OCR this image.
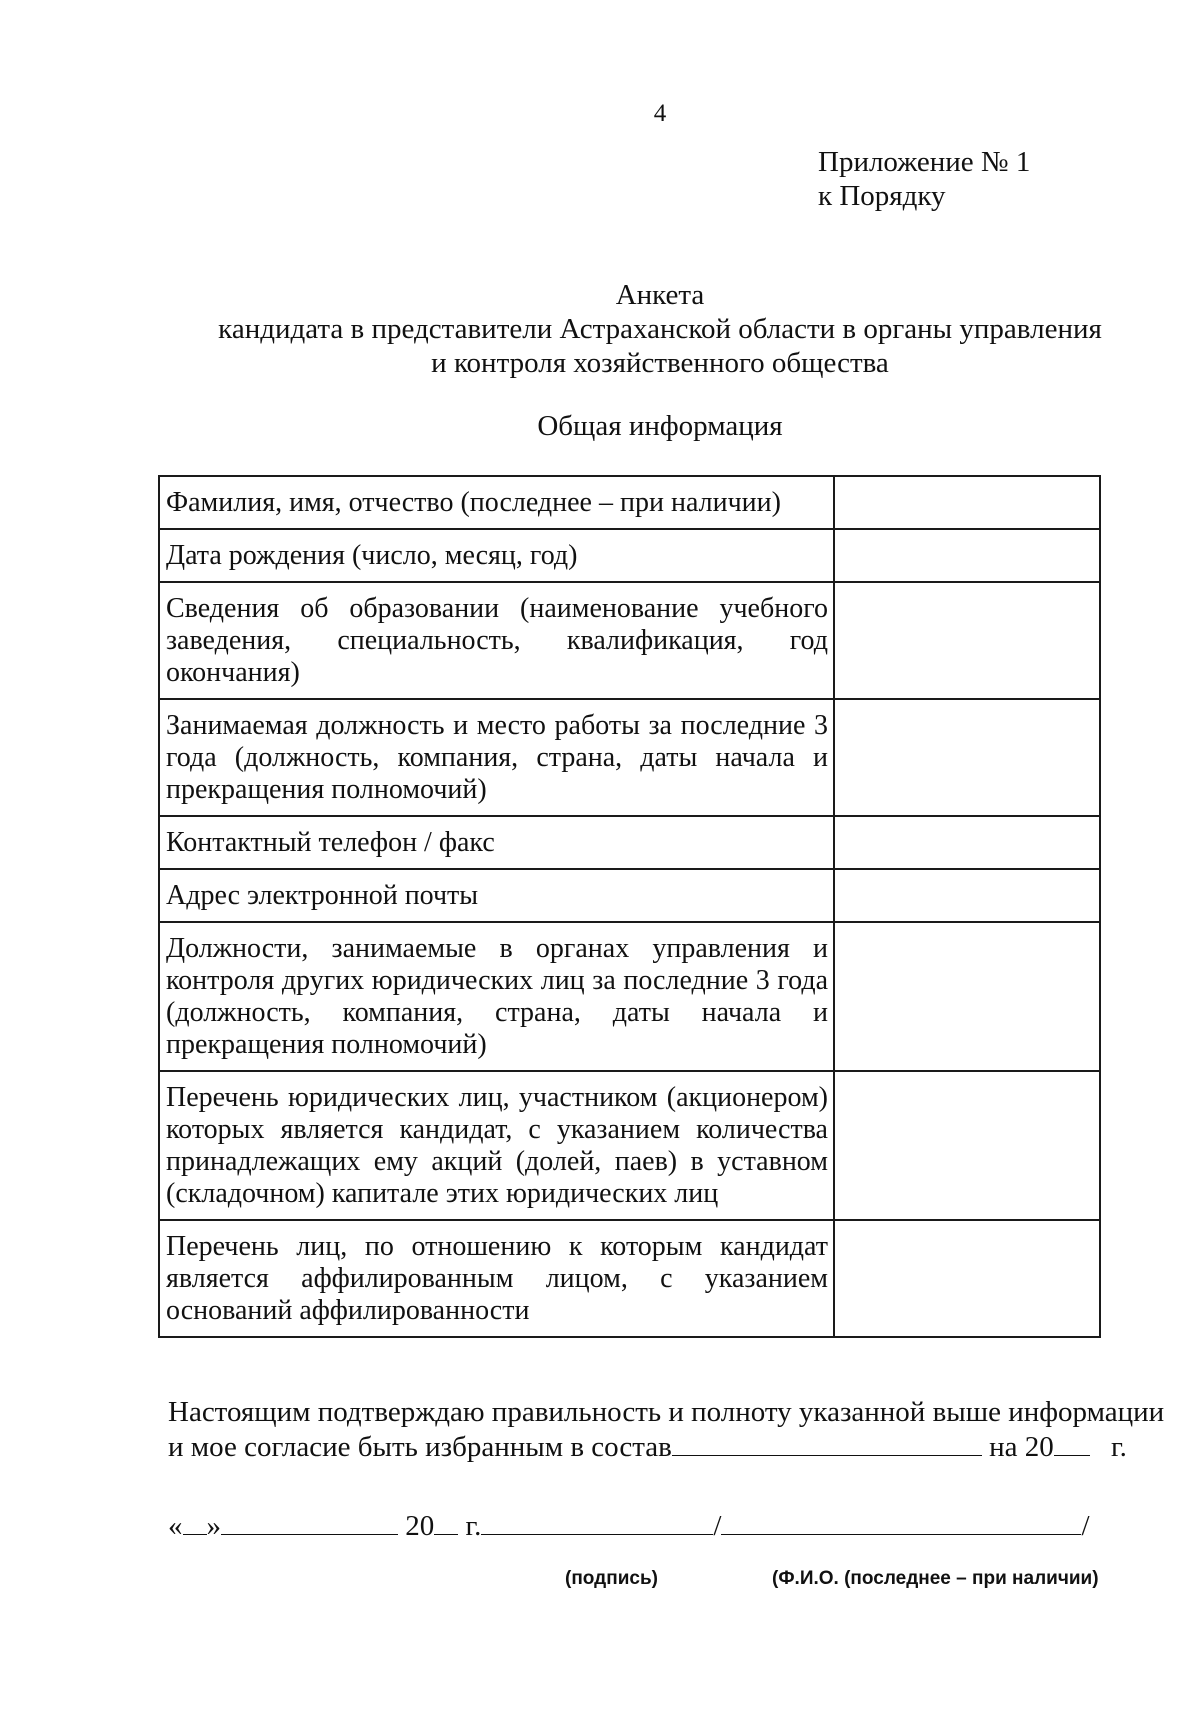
4
Приложение № 1
к Порядку
Анкета
кандидата в представители Астраханской области в органы управления
и контроля хозяйственного общества
Общая информация
Фамилия, имя, отчество (последнее – при наличии)	
Дата рождения (число, месяц, год)	
Сведения об образовании (наименование учебного заведения, специальность, квалификация, год окончания)	
Занимаемая должность и место работы за последние 3 года (должность, компания, страна, даты начала и прекращения полномочий)	
Контактный телефон / факс	
Адрес электронной почты	
Должности, занимаемые в органах управления и контроля других юридических лиц за последние 3 года (должность, компания, страна, даты начала и прекращения полномочий)	
Перечень юридических лиц, участником (акционером) которых является кандидат, с указанием количества принадлежащих ему акций (долей, паев) в уставном (складочном) капитале этих юридических лиц	
Перечень лиц, по отношению к которым кандидат является аффилированным лицом, с указанием оснований аффилированности	
Настоящим подтверждаю правильность и полноту указанной выше информации
и мое согласие быть избранным в состав	на 20 г.
« »	20 г.	/	/
(подпись)	(Ф.И.О. (последнее – при наличии)
